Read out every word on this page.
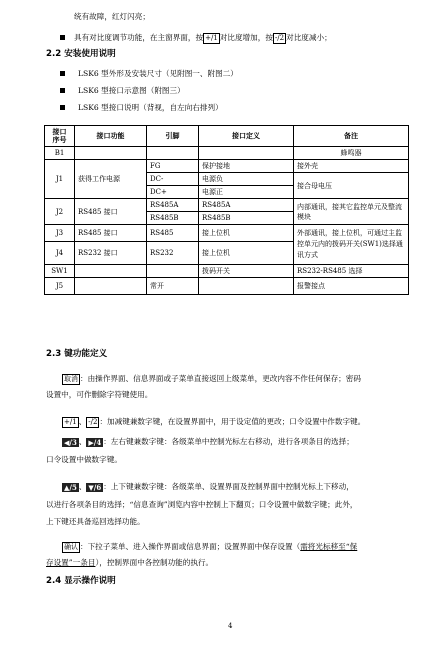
统有故障，红灯闪亮；
具有对比度调节功能，在主窗界面，按 +/1 对比度增加，按 -/2 对比度减小；
2.2 安装使用说明
LSK6 型外形及安装尺寸（见附图一、附图二）
LSK6 型接口示意图（附图三）
LSK6 型接口说明（背视，自左向右排列）
接口
序号	接口功能	引脚	接口定义	备注
B1				蜂鸣器
J1	获得工作电源	FG	保护接地	接外壳
		DC-	电源负	接合母电压
		DC+	电源正	
J2	RS485 接口	RS485A	RS485A	内部通讯，接其它监控单元及整流模块
		RS485B	RS485B	
J3	RS485 接口	RS485	接上位机	外部通讯，接上位机，可通过主监控单元内的拨码开关(SW1)选择通讯方式
J4	RS232 接口	RS232	接上位机	
SW1			拨码开关	RS232-RS485 选择
J5		常开		报警接点
2.3 键功能定义
取消 ：由操作界面、信息界面或子菜单直接返回上级菜单，更改内容不作任何保存；密码
设置中，可作删除字符键使用。
+/1 、 -/2 ：加减键兼数字键，在设置界面中，用于设定值的更改；口令设置中作数字键。
◀/3 、 ▶/4 ：左右键兼数字键：各级菜单中控制光标左右移动，进行各项条目的选择；
口令设置中做数字键。
▲/5 、 ▼/6 ：上下键兼数字键：各级菜单、设置界面及控制界面中控制光标上下移动，
以进行各项条目的选择；“信息查询”浏览内容中控制上下翻页；口令设置中做数字键；此外，
上下键还具备巡回选择功能。
确认 ：下拉子菜单、进入操作界面或信息界面；设置界面中保存设置（需将光标移至“保
存设置”一条目），控制界面中各控制功能的执行。
2.4 显示操作说明
4
